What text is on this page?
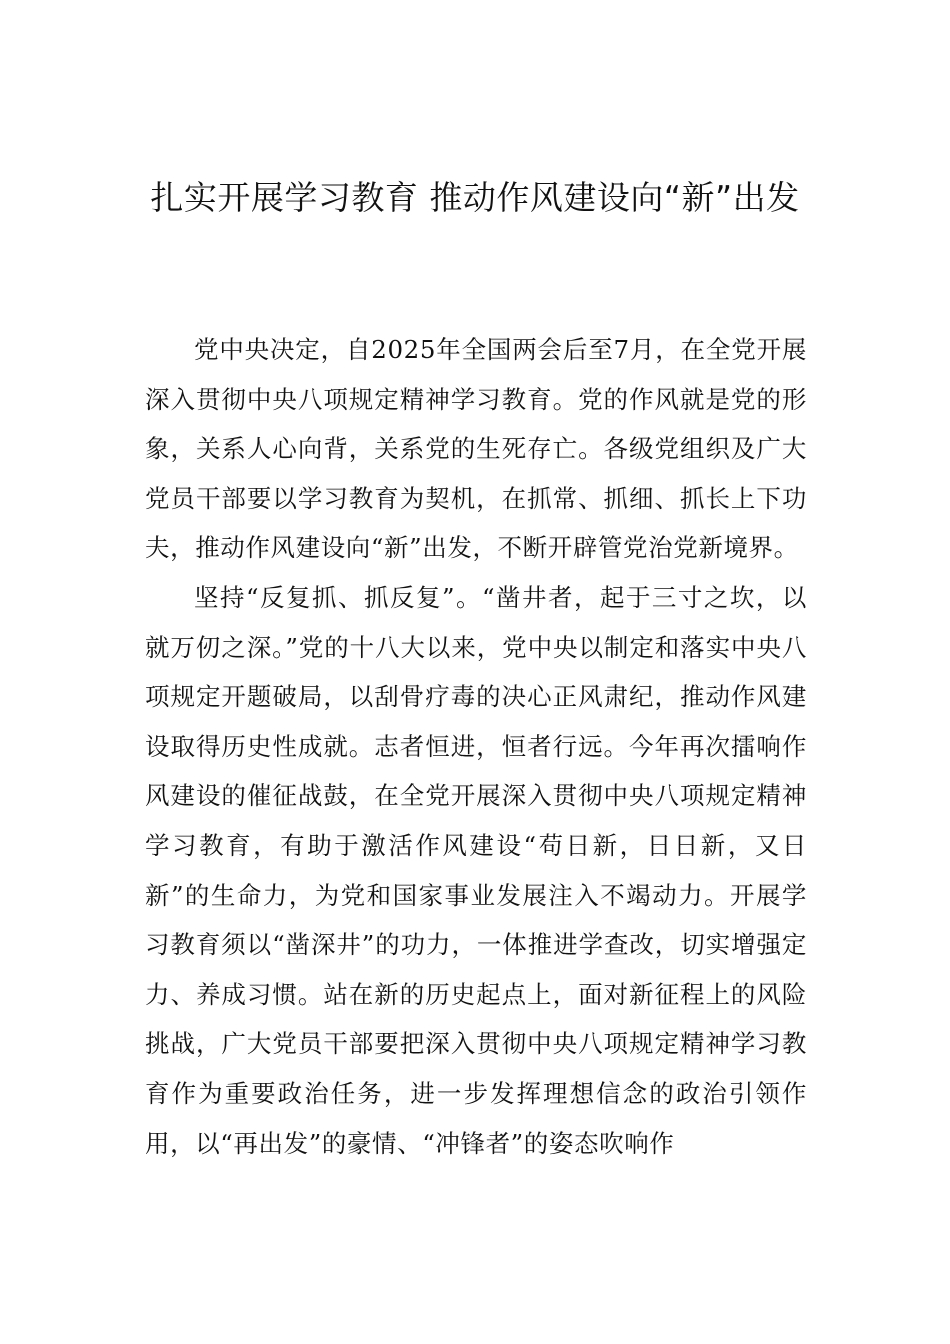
扎实开展学习教育 推动作风建设向“新”出发

党中央决定，自2025年全国两会后至7月，在全党开展深入贯彻中央八项规定精神学习教育。党的作风就是党的形象，关系人心向背，关系党的生死存亡。各级党组织及广大党员干部要以学习教育为契机，在抓常、抓细、抓长上下功夫，推动作风建设向“新”出发，不断开辟管党治党新境界。

坚持“反复抓、抓反复”。“凿井者，起于三寸之坎，以就万仞之深。”党的十八大以来，党中央以制定和落实中央八项规定开题破局，以刮骨疗毒的决心正风肃纪，推动作风建设取得历史性成就。志者恒进，恒者行远。今年再次擂响作风建设的催征战鼓，在全党开展深入贯彻中央八项规定精神学习教育，有助于激活作风建设“苟日新，日日新，又日新”的生命力，为党和国家事业发展注入不竭动力。开展学习教育须以“凿深井”的功力，一体推进学查改，切实增强定力、养成习惯。站在新的历史起点上，面对新征程上的风险挑战，广大党员干部要把深入贯彻中央八项规定精神学习教育作为重要政治任务，进一步发挥理想信念的政治引领作用，以“再出发”的豪情、“冲锋者”的姿态吹响作
